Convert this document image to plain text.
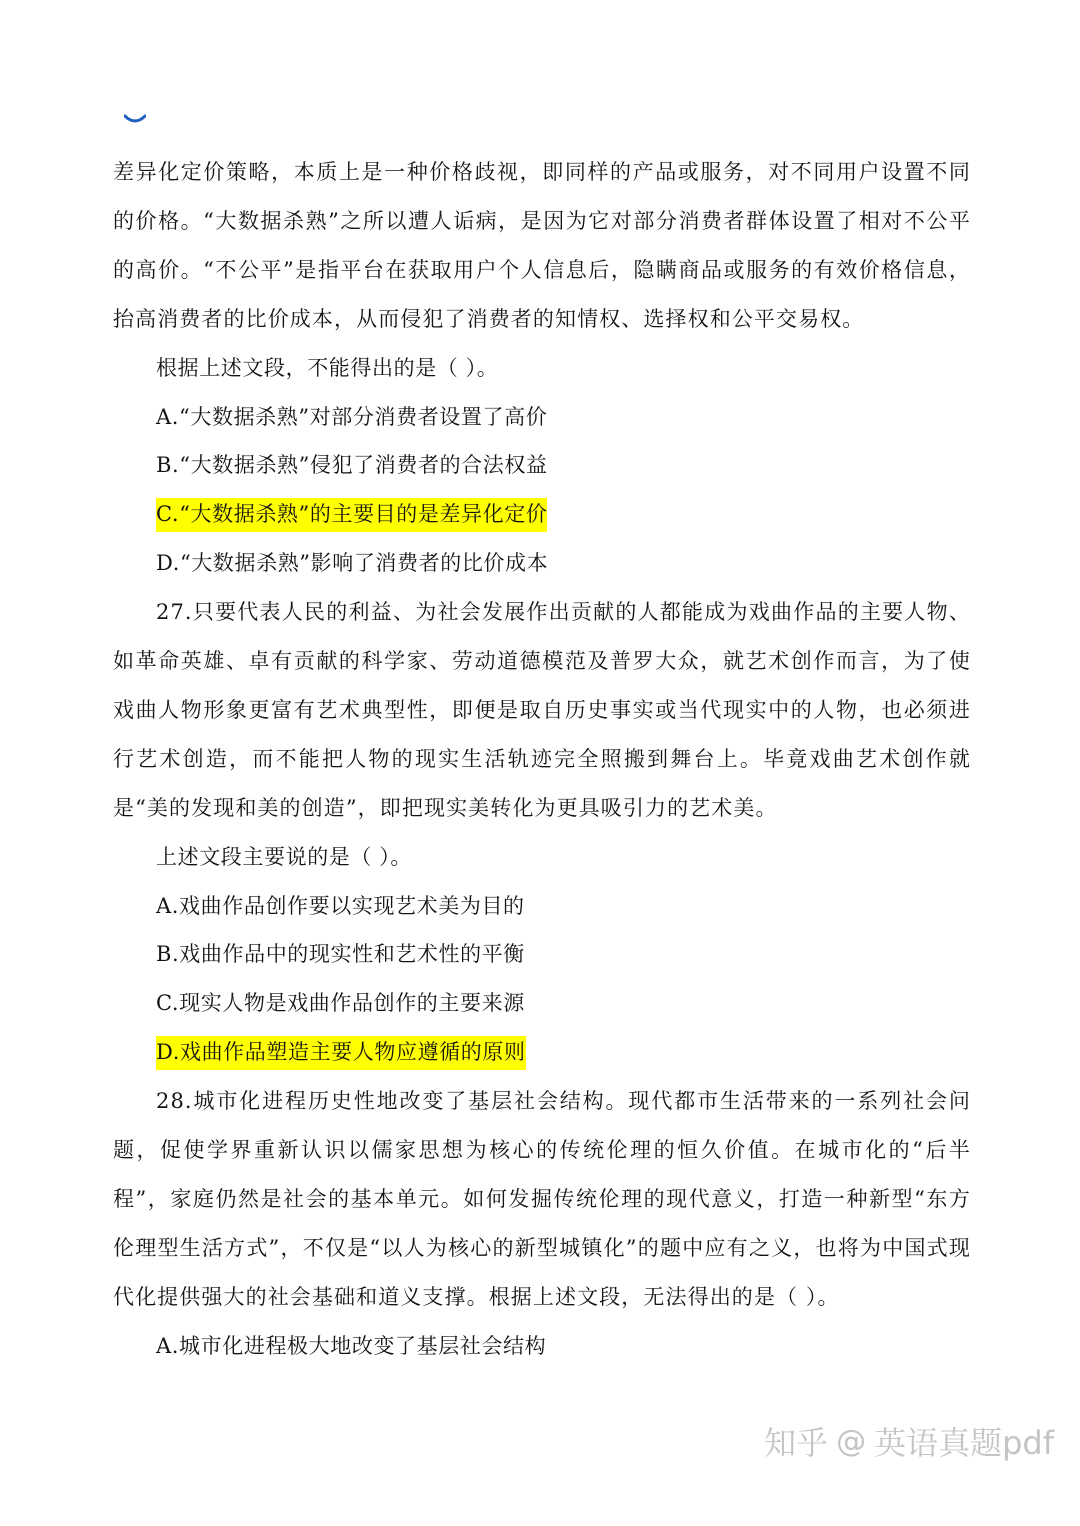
差异化定价策略，本质上是一种价格歧视，即同样的产品或服务，对不同用户设置不同的价格。“大数据杀熟”之所以遭人诟病，是因为它对部分消费者群体设置了相对不公平的高价。“不公平”是指平台在获取用户个人信息后，隐瞒商品或服务的有效价格信息，抬高消费者的比价成本，从而侵犯了消费者的知情权、选择权和公平交易权。

根据上述文段，不能得出的是（ ）。
A.“大数据杀熟”对部分消费者设置了高价
B.“大数据杀熟”侵犯了消费者的合法权益
C.“大数据杀熟”的主要目的是差异化定价
D.“大数据杀熟”影响了消费者的比价成本

27.只要代表人民的利益、为社会发展作出贡献的人都能成为戏曲作品的主要人物、如革命英雄、卓有贡献的科学家、劳动道德模范及普罗大众，就艺术创作而言，为了使戏曲人物形象更富有艺术典型性，即便是取自历史事实或当代现实中的人物，也必须进行艺术创造，而不能把人物的现实生活轨迹完全照搬到舞台上。毕竟戏曲艺术创作就是“美的发现和美的创造”，即把现实美转化为更具吸引力的艺术美。

上述文段主要说的是（ ）。
A.戏曲作品创作要以实现艺术美为目的
B.戏曲作品中的现实性和艺术性的平衡
C.现实人物是戏曲作品创作的主要来源
D.戏曲作品塑造主要人物应遵循的原则

28.城市化进程历史性地改变了基层社会结构。现代都市生活带来的一系列社会问题，促使学界重新认识以儒家思想为核心的传统伦理的恒久价值。在城市化的“后半程”，家庭仍然是社会的基本单元。如何发掘传统伦理的现代意义，打造一种新型“东方伦理型生活方式”，不仅是“以人为核心的新型城镇化”的题中应有之义，也将为中国式现代化提供强大的社会基础和道义支撑。根据上述文段，无法得出的是（ ）。

A.城市化进程极大地改变了基层社会结构
知乎 @ 英语真题pdf
